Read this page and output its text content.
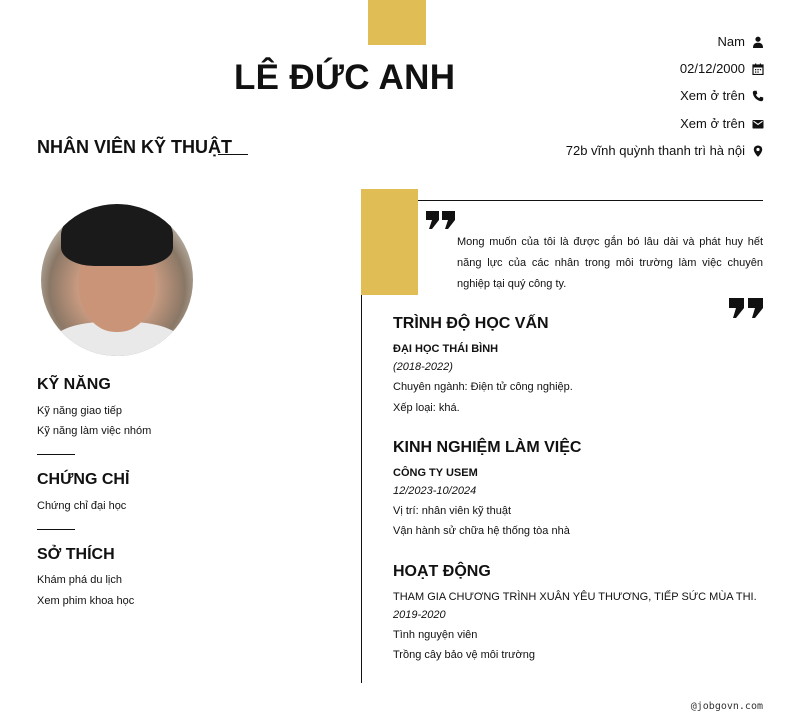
LÊ ĐỨC ANH
NHÂN VIÊN KỸ THUẬT
Nam
02/12/2000
Xem ở trên
Xem ở trên
72b vĩnh quỳnh thanh trì hà nội
KỸ NĂNG
Kỹ năng giao tiếp
Kỹ năng làm việc nhóm
CHỨNG CHỈ
Chứng chỉ đại học
SỞ THÍCH
Khám phá du lịch
Xem phim khoa học
Mong muốn của tôi là được gắn bó lâu dài và phát huy hết năng lực của các nhân trong môi trường làm việc chuyên nghiệp tại quý công ty.
TRÌNH ĐỘ HỌC VẤN
ĐẠI HỌC THÁI BÌNH
(2018-2022)
Chuyên ngành: Điện tử công nghiệp.
Xếp loại: khá.
KINH NGHIỆM LÀM VIỆC
CÔNG TY USEM
12/2023-10/2024
Vị trí: nhân viên kỹ thuật
Vận hành sử chữa hệ thống tòa nhà
HOẠT ĐỘNG
THAM GIA CHƯƠNG TRÌNH XUÂN YÊU THƯƠNG, TIẾP SỨC MÙA THI.
2019-2020
Tình nguyện viên
Trồng cây bảo vệ môi trường
@jobgovn.com
